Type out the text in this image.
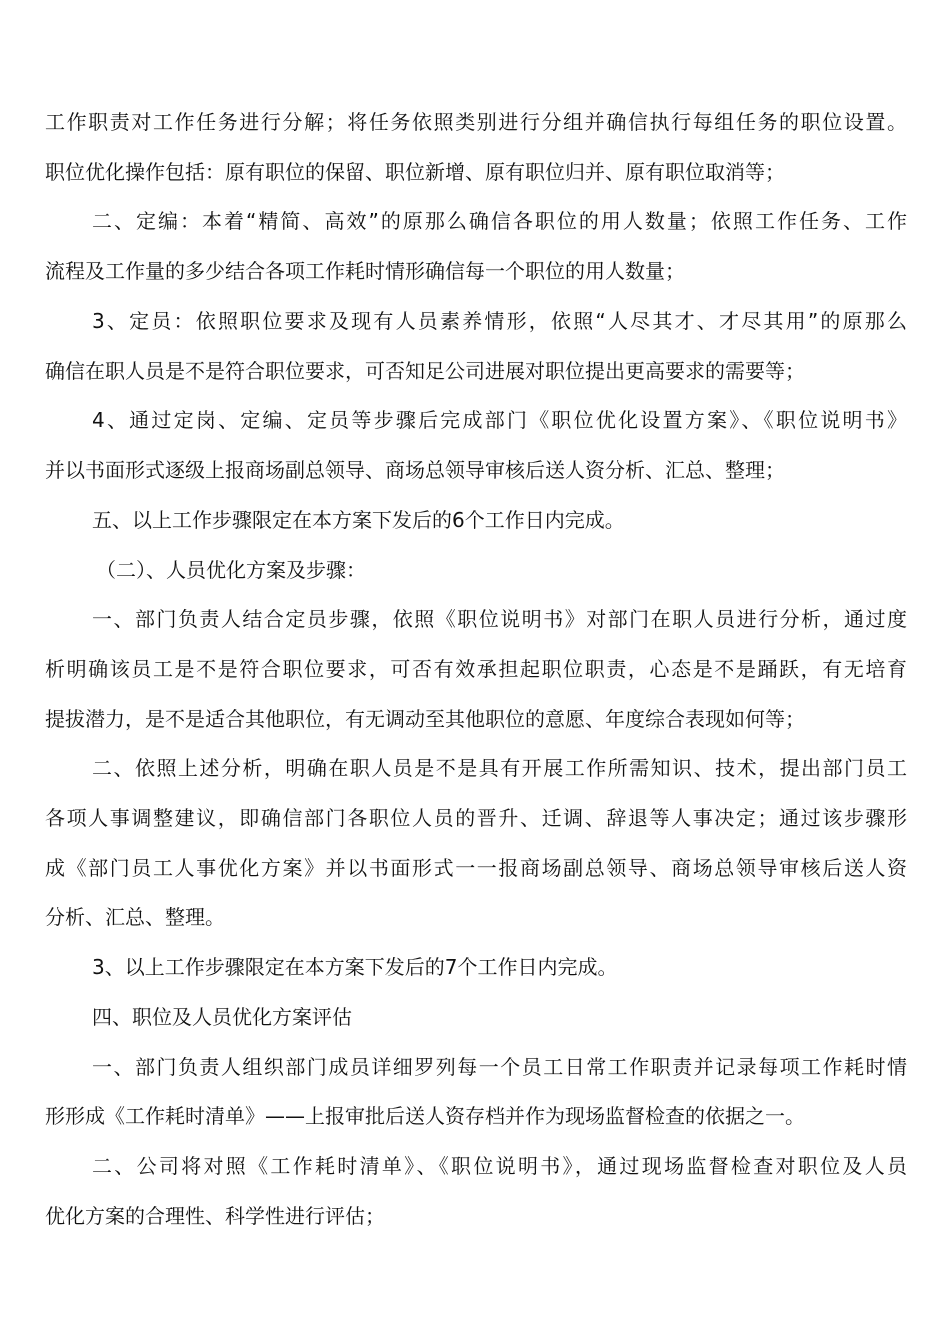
工作职责对工作任务进行分解；将任务依照类别进行分组并确信执行每组任务的职位设置。
职位优化操作包括：原有职位的保留、职位新增、原有职位归并、原有职位取消等；
二、定编：本着“精简、高效”的原那么确信各职位的用人数量；依照工作任务、工作
流程及工作量的多少结合各项工作耗时情形确信每一个职位的用人数量；
3、定员：依照职位要求及现有人员素养情形，依照“人尽其才、才尽其用”的原那么
确信在职人员是不是符合职位要求，可否知足公司进展对职位提出更高要求的需要等；
4、通过定岗、定编、定员等步骤后完成部门《职位优化设置方案》、《职位说明书》
并以书面形式逐级上报商场副总领导、商场总领导审核后送人资分析、汇总、整理；
五、以上工作步骤限定在本方案下发后的6个工作日内完成。
（二）、人员优化方案及步骤：
一、部门负责人结合定员步骤，依照《职位说明书》对部门在职人员进行分析，通过度
析明确该员工是不是符合职位要求，可否有效承担起职位职责，心态是不是踊跃，有无培育
提拔潜力，是不是适合其他职位，有无调动至其他职位的意愿、年度综合表现如何等；
二、依照上述分析，明确在职人员是不是具有开展工作所需知识、技术，提出部门员工
各项人事调整建议，即确信部门各职位人员的晋升、迁调、辞退等人事决定；通过该步骤形
成《部门员工人事优化方案》并以书面形式一一报商场副总领导、商场总领导审核后送人资
分析、汇总、整理。
3、以上工作步骤限定在本方案下发后的7个工作日内完成。
四、职位及人员优化方案评估
一、部门负责人组织部门成员详细罗列每一个员工日常工作职责并记录每项工作耗时情
形形成《工作耗时清单》——上报审批后送人资存档并作为现场监督检查的依据之一。
二、公司将对照《工作耗时清单》、《职位说明书》，通过现场监督检查对职位及人员
优化方案的合理性、科学性进行评估；
